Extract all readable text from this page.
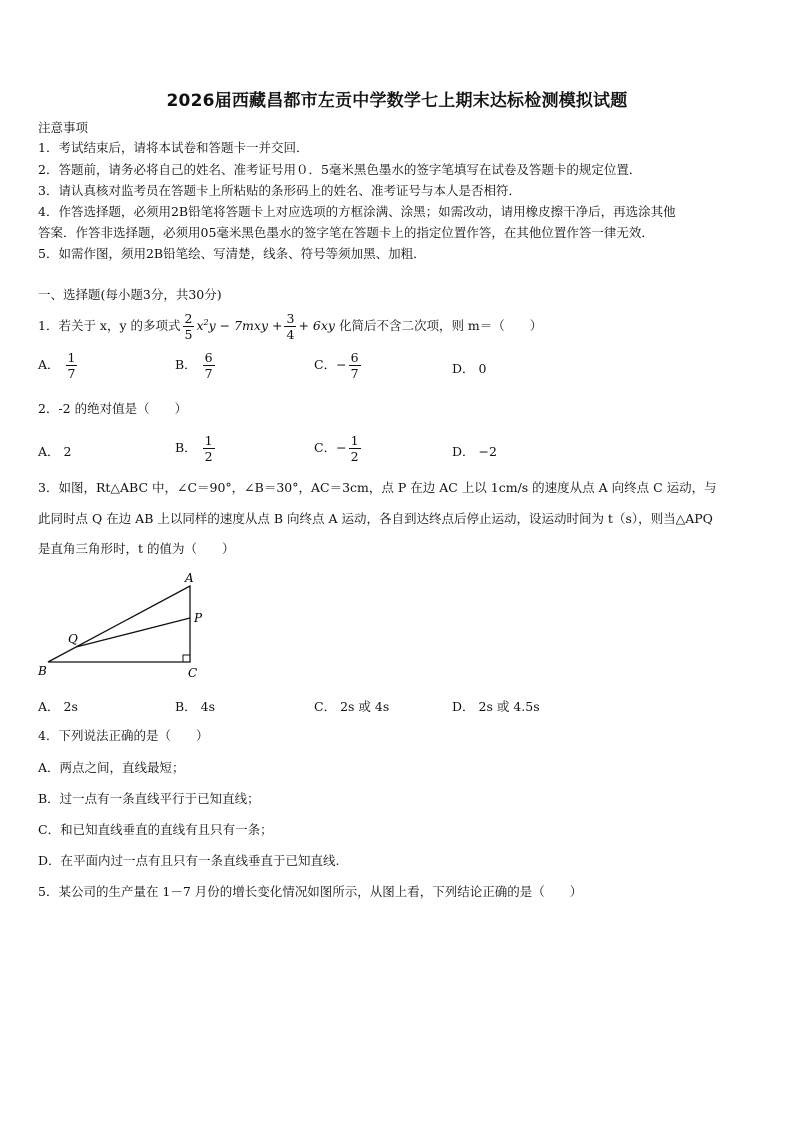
2026届西藏昌都市左贡中学数学七上期末达标检测模拟试题
注意事项
1．考试结束后，请将本试卷和答题卡一并交回．
2．答题前，请务必将自己的姓名、准考证号用０．5毫米黑色墨水的签字笔填写在试卷及答题卡的规定位置．
3．请认真核对监考员在答题卡上所粘贴的条形码上的姓名、准考证号与本人是否相符．
4．作答选择题，必须用2B铅笔将答题卡上对应选项的方框涂满、涂黑；如需改动，请用橡皮擦干净后，再选涂其他
答案．作答非选择题，必须用05毫米黑色墨水的签字笔在答题卡上的指定位置作答，在其他位置作答一律无效．
5．如需作图，须用2B铅笔绘、写清楚，线条、符号等须加黑、加粗．
一、选择题(每小题3分，共30分)
1．若关于 x，y 的多项式 $\frac{2}{5} x^2y - 7mxy + \frac{3}{4} + 6xy$ 化简后不含二次项，则 m＝（　　）
A． $\frac{1}{7}$	B． $\frac{6}{7}$	C．− $\frac{6}{7}$	D． 0
2．-2 的绝对值是（　　）
A． 2	B． $\frac{1}{2}$	C．− $\frac{1}{2}$	D． −2
3．如图，Rt△ABC 中，∠C＝90°，∠B＝30°，AC＝3cm，点 P 在边 AC 上以 1cm/s 的速度从点 A 向终点 C 运动，与
此同时点 Q 在边 AB 上以同样的速度从点 B 向终点 A 运动，各自到达终点后停止运动，设运动时间为 t（s），则当△APQ
是直角三角形时，t 的值为（　　）
A
B	C
P
Q
A． 2s	B． 4s	C． 2s 或 4s	D． 2s 或 4.5s
4．下列说法正确的是（　　）
A．两点之间，直线最短；
B．过一点有一条直线平行于已知直线；
C．和已知直线垂直的直线有且只有一条；
D．在平面内过一点有且只有一条直线垂直于已知直线.
5．某公司的生产量在 1－7 月份的增长变化情况如图所示，从图上看，下列结论正确的是（　　）
